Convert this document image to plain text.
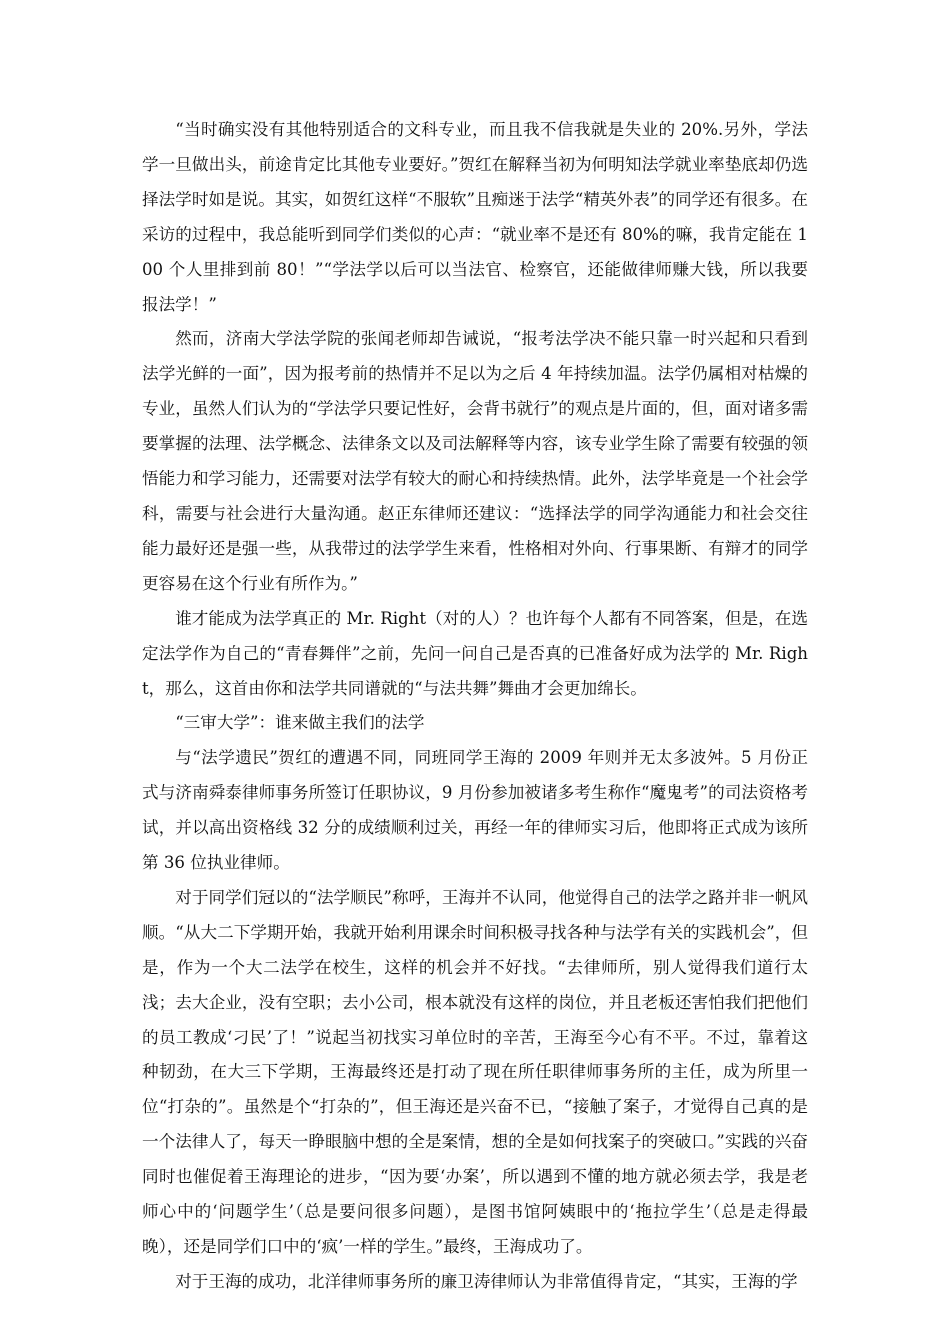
“当时确实没有其他特别适合的文科专业，而且我不信我就是失业的 20%.另外，学法学一旦做出头，前途肯定比其他专业要好。”贺红在解释当初为何明知法学就业率垫底却仍选择法学时如是说。其实，如贺红这样“不服软”且痴迷于法学“精英外表”的同学还有很多。在采访的过程中，我总能听到同学们类似的心声：“就业率不是还有 80%的嘛，我肯定能在 100 个人里排到前 80！”“学法学以后可以当法官、检察官，还能做律师赚大钱，所以我要报法学！”

然而，济南大学法学院的张闻老师却告诫说，“报考法学决不能只靠一时兴起和只看到法学光鲜的一面”，因为报考前的热情并不足以为之后 4 年持续加温。法学仍属相对枯燥的专业，虽然人们认为的“学法学只要记性好，会背书就行”的观点是片面的，但，面对诸多需要掌握的法理、法学概念、法律条文以及司法解释等内容，该专业学生除了需要有较强的领悟能力和学习能力，还需要对法学有较大的耐心和持续热情。此外，法学毕竟是一个社会学科，需要与社会进行大量沟通。赵正东律师还建议：“选择法学的同学沟通能力和社会交往能力最好还是强一些，从我带过的法学学生来看，性格相对外向、行事果断、有辩才的同学更容易在这个行业有所作为。”

谁才能成为法学真正的 Mr. Right（对的人）？也许每个人都有不同答案，但是，在选定法学作为自己的“青春舞伴”之前，先问一问自己是否真的已准备好成为法学的 Mr. Right，那么，这首由你和法学共同谱就的“与法共舞”舞曲才会更加绵长。

“三审大学”：谁来做主我们的法学

与“法学遗民”贺红的遭遇不同，同班同学王海的 2009 年则并无太多波舛。5 月份正式与济南舜泰律师事务所签订任职协议，9 月份参加被诸多考生称作“魔鬼考”的司法资格考试，并以高出资格线 32 分的成绩顺利过关，再经一年的律师实习后，他即将正式成为该所第 36 位执业律师。

对于同学们冠以的“法学顺民”称呼，王海并不认同，他觉得自己的法学之路并非一帆风顺。“从大二下学期开始，我就开始利用课余时间积极寻找各种与法学有关的实践机会”，但是，作为一个大二法学在校生，这样的机会并不好找。“去律师所，别人觉得我们道行太浅；去大企业，没有空职；去小公司，根本就没有这样的岗位，并且老板还害怕我们把他们的员工教成‘刁民’了！”说起当初找实习单位时的辛苦，王海至今心有不平。不过，靠着这种韧劲，在大三下学期，王海最终还是打动了现在所任职律师事务所的主任，成为所里一位“打杂的”。虽然是个“打杂的”，但王海还是兴奋不已，“接触了案子，才觉得自己真的是一个法律人了，每天一睁眼脑中想的全是案情，想的全是如何找案子的突破口。”实践的兴奋同时也催促着王海理论的进步，“因为要‘办案’，所以遇到不懂的地方就必须去学，我是老师心中的‘问题学生’（总是要问很多问题），是图书馆阿姨眼中的‘拖拉学生’（总是走得最晚），还是同学们口中的‘疯’一样的学生。”最终，王海成功了。

对于王海的成功，北洋律师事务所的廉卫涛律师认为非常值得肯定，“其实，王海的学
